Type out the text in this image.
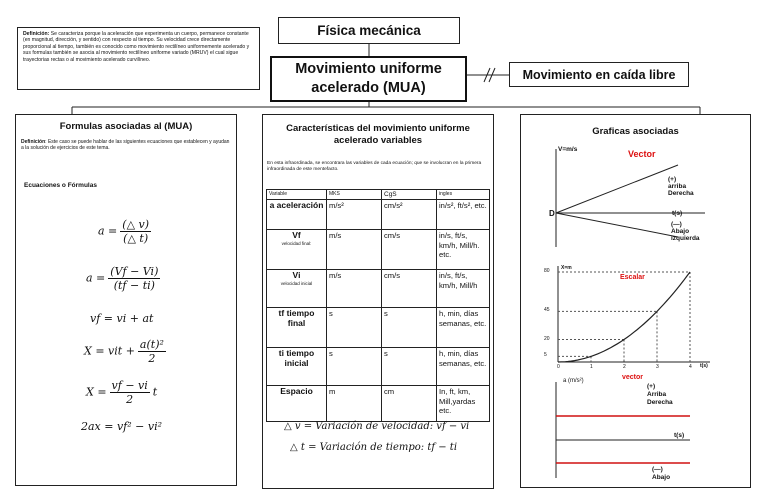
Definición: Se caracteriza porque la aceleración que experimenta un cuerpo, permanece constante (en magnitud, dirección, y sentido) con respecto al tiempo. Su velocidad crece directamente proporcional al tiempo, también es conocido como movimiento rectilíneo uniformemente acelerado y sus formulas también se asocia al movimiento rectilíneo uniforme variado (MRUV) el cual sigue trayectorias rectas o al movimiento acelerado curvilíneo.
Física mecánica
Movimiento uniforme
acelerado (MUA)
Movimiento en caída libre
Formulas asociadas al (MUA)
Definición: Este caso se puede hablar de las siguientes ecuaciones que establecen y ayudan a la solución de ejercicios de este tema.
Ecuaciones o Fórmulas
$a = \frac{(\triangle v)}{(\triangle t)}$
$a = \frac{(Vf - Vi)}{(tf - ti)}$
vf = vi + at
X = vit + $\frac{\text{a(t)²}}{2}$
$X = \frac{vf - vi}{2}$ t
2ax = vf² − vi²
Características del movimiento uniforme
acelerado variables
En esta infraordinada, se encontrara las variables de cada ecuación; que se involucran en la primera infraordinada de este mentefacto.
Variable	MKS	CgS	ingles
a aceleración	m/s²	cm/s²	in/s², ft/s², etc.
Vf
velocidad final:	m/s	cm/s	in/s, ft/s, km/h, Mill/h. etc.
Vi
velocidad inicial	m/s	cm/s	in/s, ft/s, km/h, Mill/h
tf tiempo final	s	s	h, min, días semanas, etc.
ti tiempo inicial	s	s	h, min, días semanas, etc.
Espacio	m	cm	In, ft, km, Mill,yardas etc.
△ v = Variación de velocidad: vf − vi
△ t = Variación de tiempo: tf − ti
Graficas asociadas
V=m/s	Vector
D
(+)
arriba
Derecha
t(s)
(—)
Abajo
izquierda
0
5
1
20
2
45
3
80
4
X=m
Escalar
t(s)
a (m/s²)	vector
(+)
Arriba
Derecha
t(s)
(—)
Abajo
